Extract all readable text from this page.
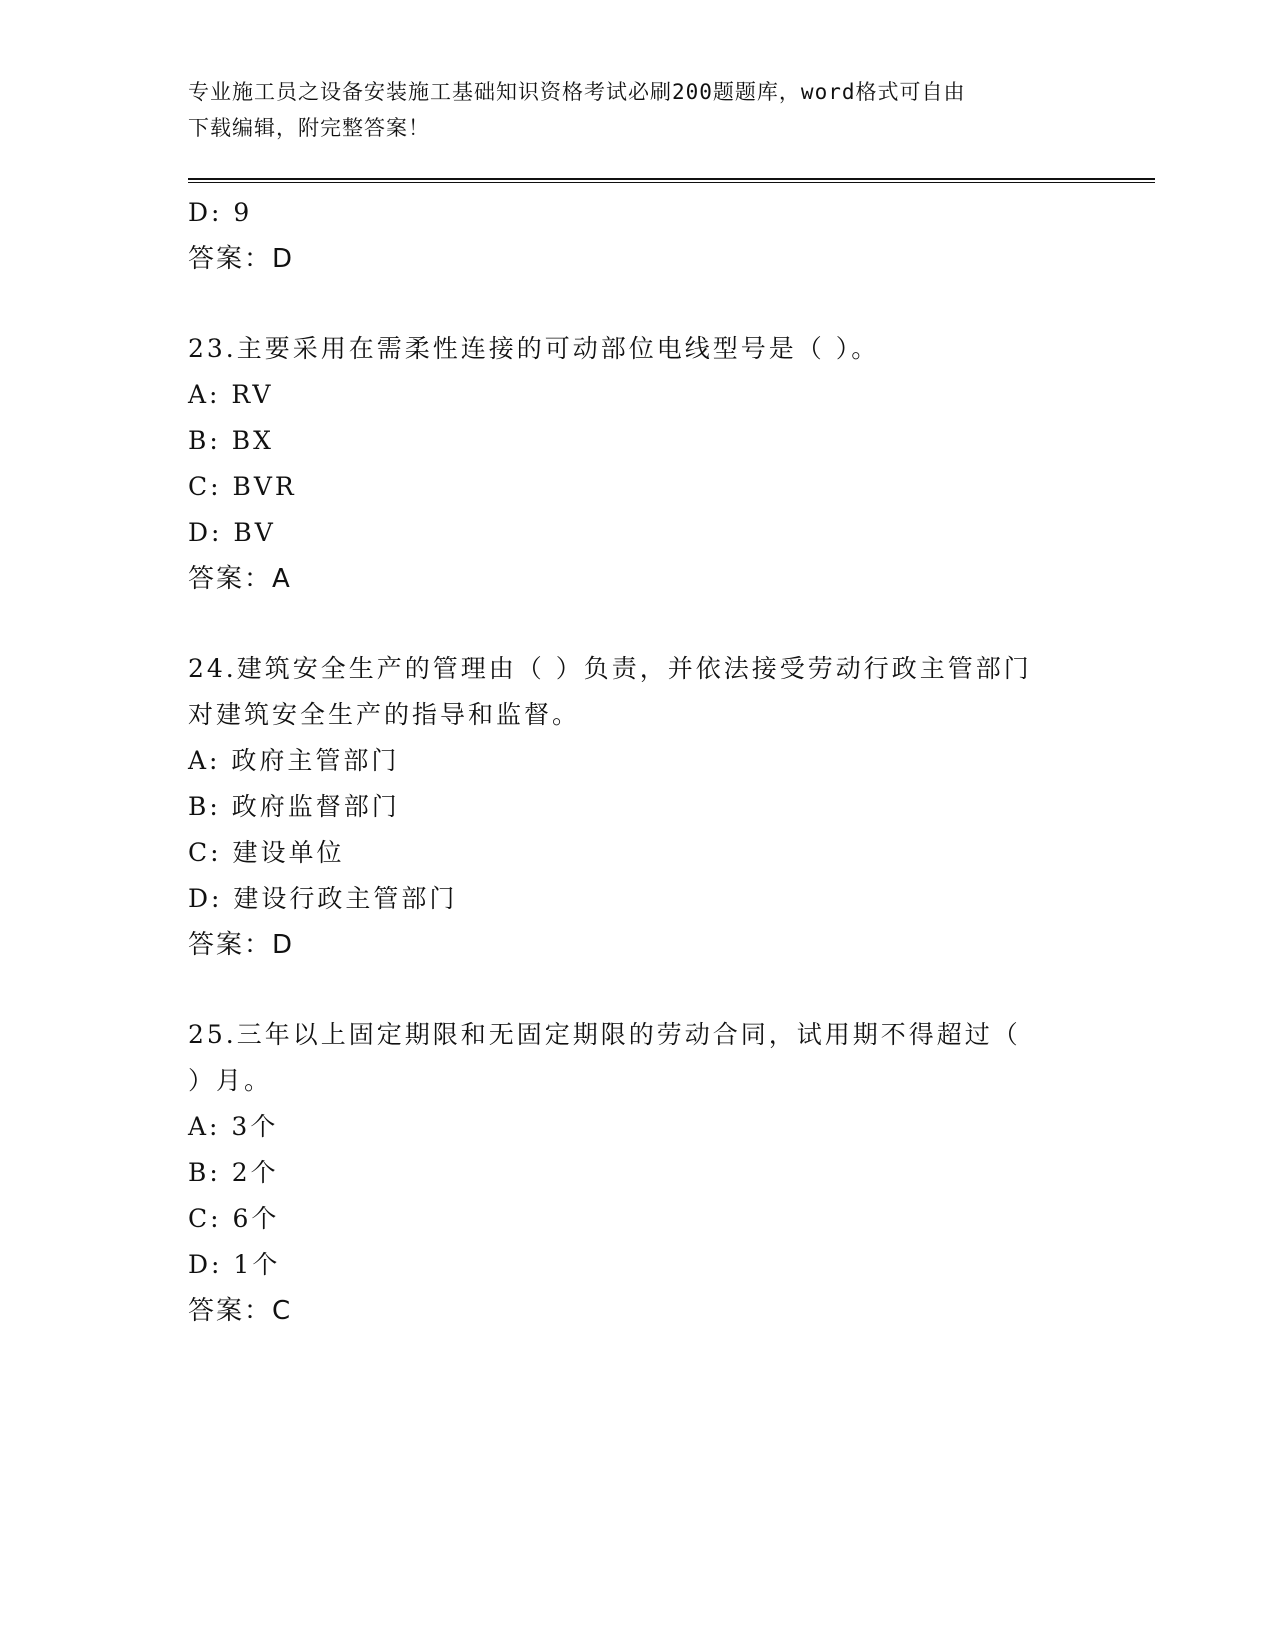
专业施工员之设备安装施工基础知识资格考试必刷200题题库，word格式可自由
下载编辑，附完整答案！
D: 9
答案：D
23.主要采用在需柔性连接的可动部位电线型号是（ ）。
A: RV
B: BX
C: BVR
D: BV
答案：A
24.建筑安全生产的管理由（ ）负责，并依法接受劳动行政主管部门
对建筑安全生产的指导和监督。
A: 政府主管部门
B: 政府监督部门
C: 建设单位
D: 建设行政主管部门
答案：D
25.三年以上固定期限和无固定期限的劳动合同，试用期不得超过（
）月。
A: 3个
B: 2个
C: 6个
D: 1个
答案：C
